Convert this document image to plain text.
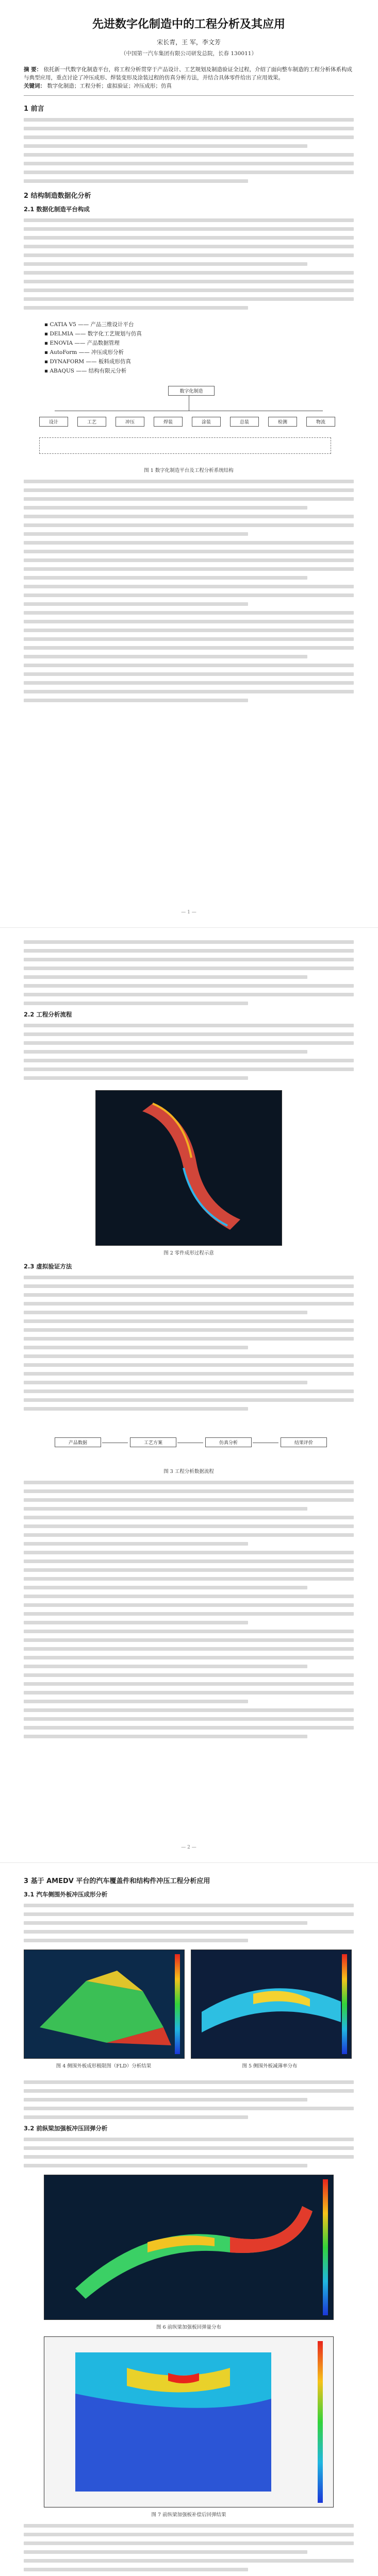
先进数字化制造中的工程分析及其应用
宋长青，王 军，李文芳
（中国第一汽车集团有限公司研发总院，长春 130011）
摘 要： 依托新一代数字化制造平台，将工程分析贯穿于产品设计、工艺规划及制造验证全过程，介绍了面向整车制造的工程分析体系构成与典型应用，重点讨论了冲压成形、焊装变形及涂装过程的仿真分析方法，并结合具体零件给出了应用效果。
关键词： 数字化制造；工程分析；虚拟验证；冲压成形；仿真
1 前言
2 结构制造数据化分析
2.1 数据化制造平台构成
▪ CATIA V5 —— 产品三维设计平台
▪ DELMIA —— 数字化工艺规划与仿真
▪ ENOVIA —— 产品数据管理
▪ AutoForm —— 冲压成形分析
▪ DYNAFORM —— 板料成形仿真
▪ ABAQUS —— 结构有限元分析
数字化制造
设计	工艺	冲压	焊装	涂装	总装	检测	物流
图 1 数字化制造平台及工程分析系统结构
— 1 —
2.2 工程分析流程
图 2 零件成形过程示意
2.3 虚拟验证方法
产品数据	工艺方案	仿真分析	结果评价
图 3 工程分析数据流程
— 2 —
3 基于 AMEDV 平台的汽车覆盖件和结构件冲压工程分析应用
3.1 汽车侧围外板冲压成形分析
图 4 侧围外板成形极限图（FLD）分析结果	图 5 侧围外板减薄率分布
3.2 前纵梁加强板冲压回弹分析
图 6 前纵梁加强板回弹量分布
图 7 前纵梁加强板补偿后回弹结果
